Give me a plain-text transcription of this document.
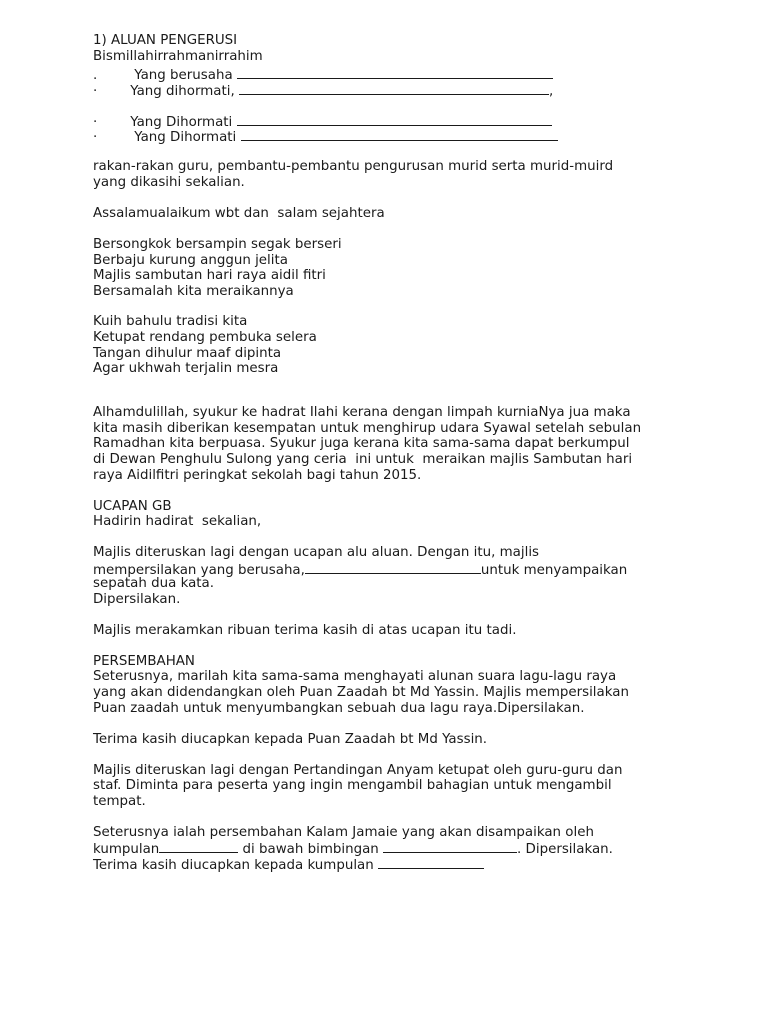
1) ALUAN PENGERUSI
Bismillahirrahmanirrahim
.	Yang berusaha
· Yang dihormati,	,
· Yang Dihormati
·	Yang Dihormati
rakan-rakan guru, pembantu-pembantu pengurusan murid serta murid-muird
yang dikasihi sekalian.
Assalamualaikum wbt dan  salam sejahtera
Bersongkok bersampin segak berseri
Berbaju kurung anggun jelita
Majlis sambutan hari raya aidil fitri
Bersamalah kita meraikannya
Kuih bahulu tradisi kita
Ketupat rendang pembuka selera
Tangan dihulur maaf dipinta
Agar ukhwah terjalin mesra
Alhamdulillah, syukur ke hadrat Ilahi kerana dengan limpah kurniaNya jua maka
kita masih diberikan kesempatan untuk menghirup udara Syawal setelah sebulan
Ramadhan kita berpuasa. Syukur juga kerana kita sama-sama dapat berkumpul
di Dewan Penghulu Sulong yang ceria  ini untuk  meraikan majlis Sambutan hari
raya Aidilfitri peringkat sekolah bagi tahun 2015.
UCAPAN GB
Hadirin hadirat  sekalian,
Majlis diteruskan lagi dengan ucapan alu aluan. Dengan itu, majlis
mempersilakan yang berusaha,	untuk menyampaikan
sepatah dua kata.
Dipersilakan.
Majlis merakamkan ribuan terima kasih di atas ucapan itu tadi.
PERSEMBAHAN
Seterusnya, marilah kita sama-sama menghayati alunan suara lagu-lagu raya
yang akan didendangkan oleh Puan Zaadah bt Md Yassin. Majlis mempersilakan
Puan zaadah untuk menyumbangkan sebuah dua lagu raya.Dipersilakan.
Terima kasih diucapkan kepada Puan Zaadah bt Md Yassin.
Majlis diteruskan lagi dengan Pertandingan Anyam ketupat oleh guru-guru dan
staf. Diminta para peserta yang ingin mengambil bahagian untuk mengambil
tempat.
Seterusnya ialah persembahan Kalam Jamaie yang akan disampaikan oleh
kumpulan	di bawah bimbingan	. Dipersilakan.
Terima kasih diucapkan kepada kumpulan
